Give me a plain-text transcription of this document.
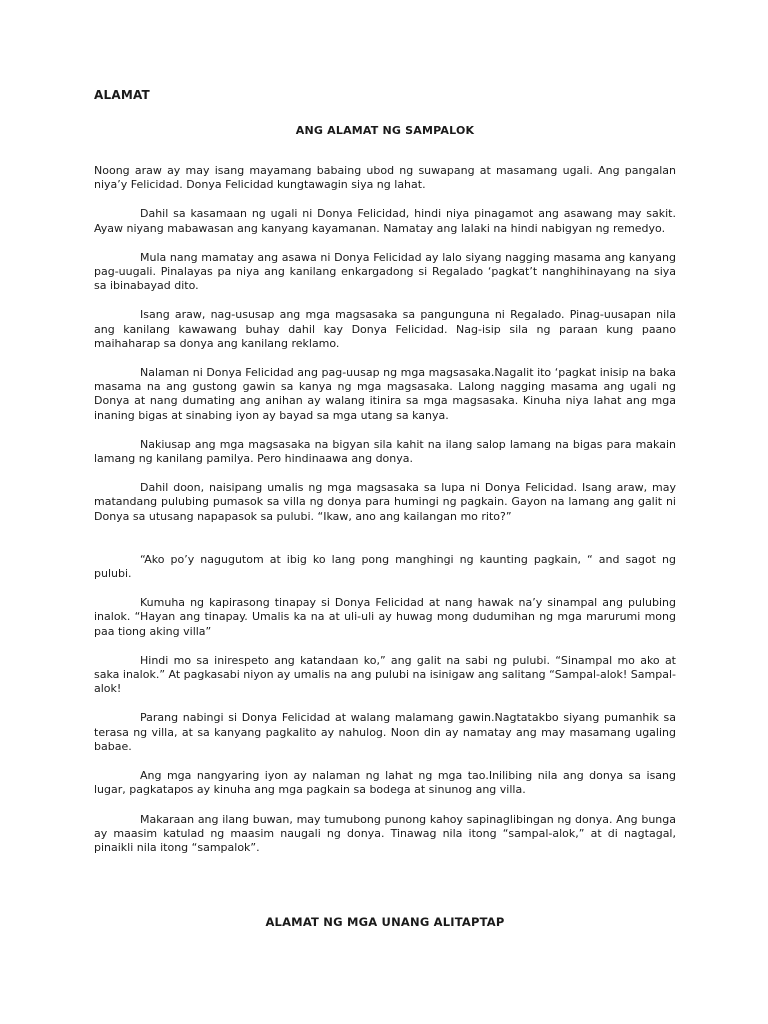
ALAMAT
ANG ALAMAT NG SAMPALOK

Noong araw ay may isang mayamang babaing ubod ng suwapang at masamang ugali. Ang pangalan niya’y Felicidad. Donya Felicidad kungtawagin siya ng lahat.

Dahil sa kasamaan ng ugali ni Donya Felicidad, hindi niya pinagamot ang asawang may sakit. Ayaw niyang mabawasan ang kanyang kayamanan. Namatay ang lalaki na hindi nabigyan ng remedyo.

Mula nang mamatay ang asawa ni Donya Felicidad ay lalo siyang nagging masama ang kanyang pag-uugali. Pinalayas pa niya ang kanilang enkargadong si Regalado ‘pagkat’t nanghihinayang na siya sa ibinabayad dito.

Isang araw, nag-ususap ang mga magsasaka sa pangunguna ni Regalado. Pinag-uusapan nila ang kanilang kawawang buhay dahil kay Donya Felicidad. Nag-isip sila ng paraan kung paano maihaharap sa donya ang kanilang reklamo.

Nalaman ni Donya Felicidad ang pag-uusap ng mga magsasaka.Nagalit ito ‘pagkat inisip na baka masama na ang gustong gawin sa kanya ng mga magsasaka. Lalong nagging masama ang ugali ng Donya at nang dumating ang anihan ay walang itinira sa mga magsasaka. Kinuha niya lahat ang mga inaning bigas at sinabing iyon ay bayad sa mga utang sa kanya.

Nakiusap ang mga magsasaka na bigyan sila kahit na ilang salop lamang na bigas para makain lamang ng kanilang pamilya. Pero hindinaawa ang donya.

Dahil doon, naisipang umalis ng mga magsasaka sa lupa ni Donya Felicidad. Isang araw, may matandang pulubing pumasok sa villa ng donya para humingi ng pagkain. Gayon na lamang ang galit ni Donya sa utusang napapasok sa pulubi. “Ikaw, ano ang kailangan mo rito?”

“Ako po’y nagugutom at ibig ko lang pong manghingi ng kaunting pagkain, “ and sagot ng pulubi.

Kumuha ng kapirasong tinapay si Donya Felicidad at nang hawak na’y sinampal ang pulubing inalok. “Hayan ang tinapay. Umalis ka na at uli-uli ay huwag mong dudumihan ng mga marurumi mong paa tiong aking villa”

Hindi mo sa inirespeto ang katandaan ko,” ang galit na sabi ng pulubi. “Sinampal mo ako at saka inalok.” At pagkasabi niyon ay umalis na ang pulubi na isinigaw ang salitang “Sampal-alok! Sampal-alok!

Parang nabingi si Donya Felicidad at walang malamang gawin.Nagtatakbo siyang pumanhik sa terasa ng villa, at sa kanyang pagkalito ay nahulog. Noon din ay namatay ang may masamang ugaling babae.

Ang mga nangyaring iyon ay nalaman ng lahat ng mga tao.Inilibing nila ang donya sa isang lugar, pagkatapos ay kinuha ang mga pagkain sa bodega at sinunog ang villa.

Makaraan ang ilang buwan, may tumubong punong kahoy sapinaglibingan ng donya. Ang bunga ay maasim katulad ng maasim naugali ng donya. Tinawag nila itong “sampal-alok,” at di nagtagal, pinaikli nila itong “sampalok”.

ALAMAT NG MGA UNANG ALITAPTAP
